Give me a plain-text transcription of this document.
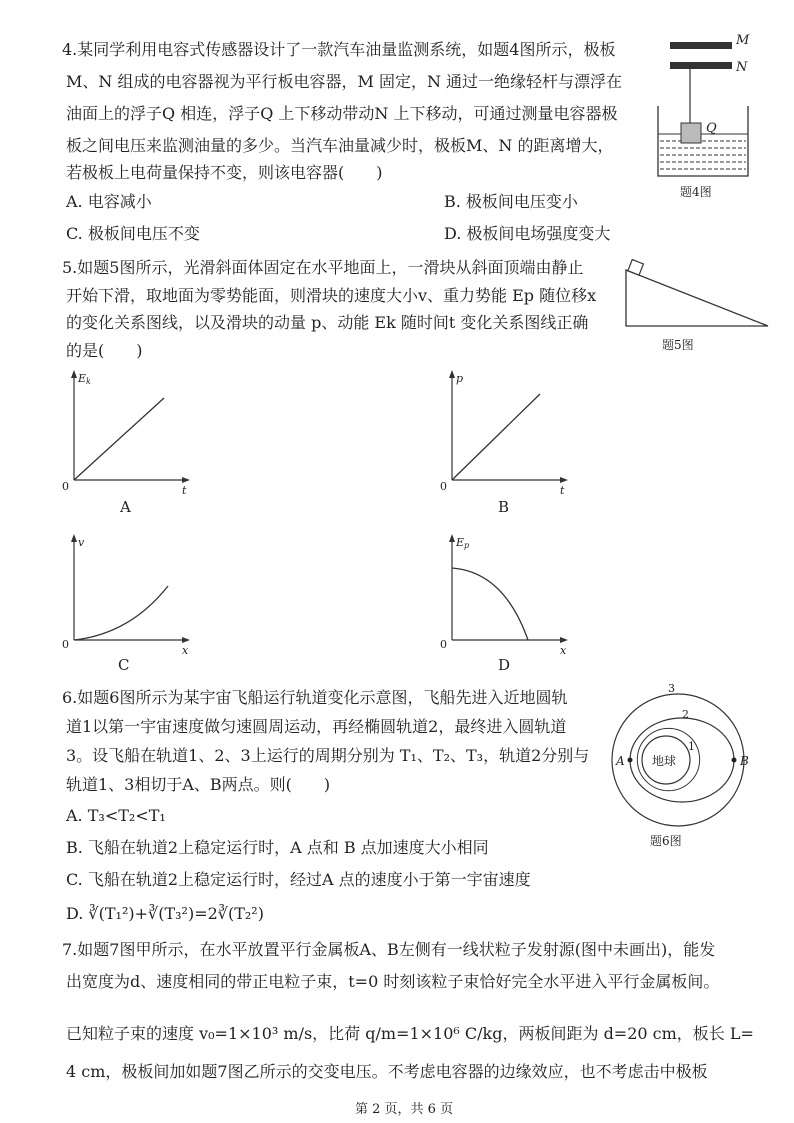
4.某同学利用电容式传感器设计了一款汽车油量监测系统，如题4图所示，极板
M、N 组成的电容器视为平行板电容器，M 固定，N 通过一绝缘轻杆与漂浮在
油面上的浮子Q 相连，浮子Q 上下移动带动N 上下移动，可通过测量电容器极
板之间电压来监测油量的多少。当汽车油量减少时，极板M、N 的距离增大，
若极板上电荷量保持不变，则该电容器(　　)
A. 电容减小	B. 极板间电压变小
C. 极板间电压不变	D. 极板间电场强度变大
M
N
Q
题4图
5.如题5图所示，光滑斜面体固定在水平地面上，一滑块从斜面顶端由静止
开始下滑，取地面为零势能面，则滑块的速度大小v、重力势能 Ep 随位移x
的变化关系图线，以及滑块的动量 p、动能 Ek 随时间t 变化关系图线正确
的是(　　)	题5图
Ek
t
0
A
p
t
0
B
v
x
0
C
Ep
x
0
D
6.如题6图所示为某宇宙飞船运行轨道变化示意图，飞船先进入近地圆轨
道1以第一宇宙速度做匀速圆周运动，再经椭圆轨道2，最终进入圆轨道
3。设飞船在轨道1、2、3上运行的周期分别为 T₁、T₂、T₃，轨道2分别与
轨道1、3相切于A、B两点。则(　　)
A. T₃<T₂<T₁
B. 飞船在轨道2上稳定运行时，A 点和 B 点加速度大小相同
C. 飞船在轨道2上稳定运行时，经过A 点的速度小于第一宇宙速度
D. ∛(T₁²)+∛(T₃²)=2∛(T₂²)
地球
1
2
3
A	B
题6图
7.如题7图甲所示，在水平放置平行金属板A、B左侧有一线状粒子发射源(图中未画出)，能发
出宽度为d、速度相同的带正电粒子束，t=0 时刻该粒子束恰好完全水平进入平行金属板间。
已知粒子束的速度 v₀=1×10³ m/s，比荷 q/m=1×10⁶ C/kg，两板间距为 d=20 cm，板长 L=
4 cm，极板间加如题7图乙所示的交变电压。不考虑电容器的边缘效应，也不考虑击中极板
第 2 页，共 6 页
